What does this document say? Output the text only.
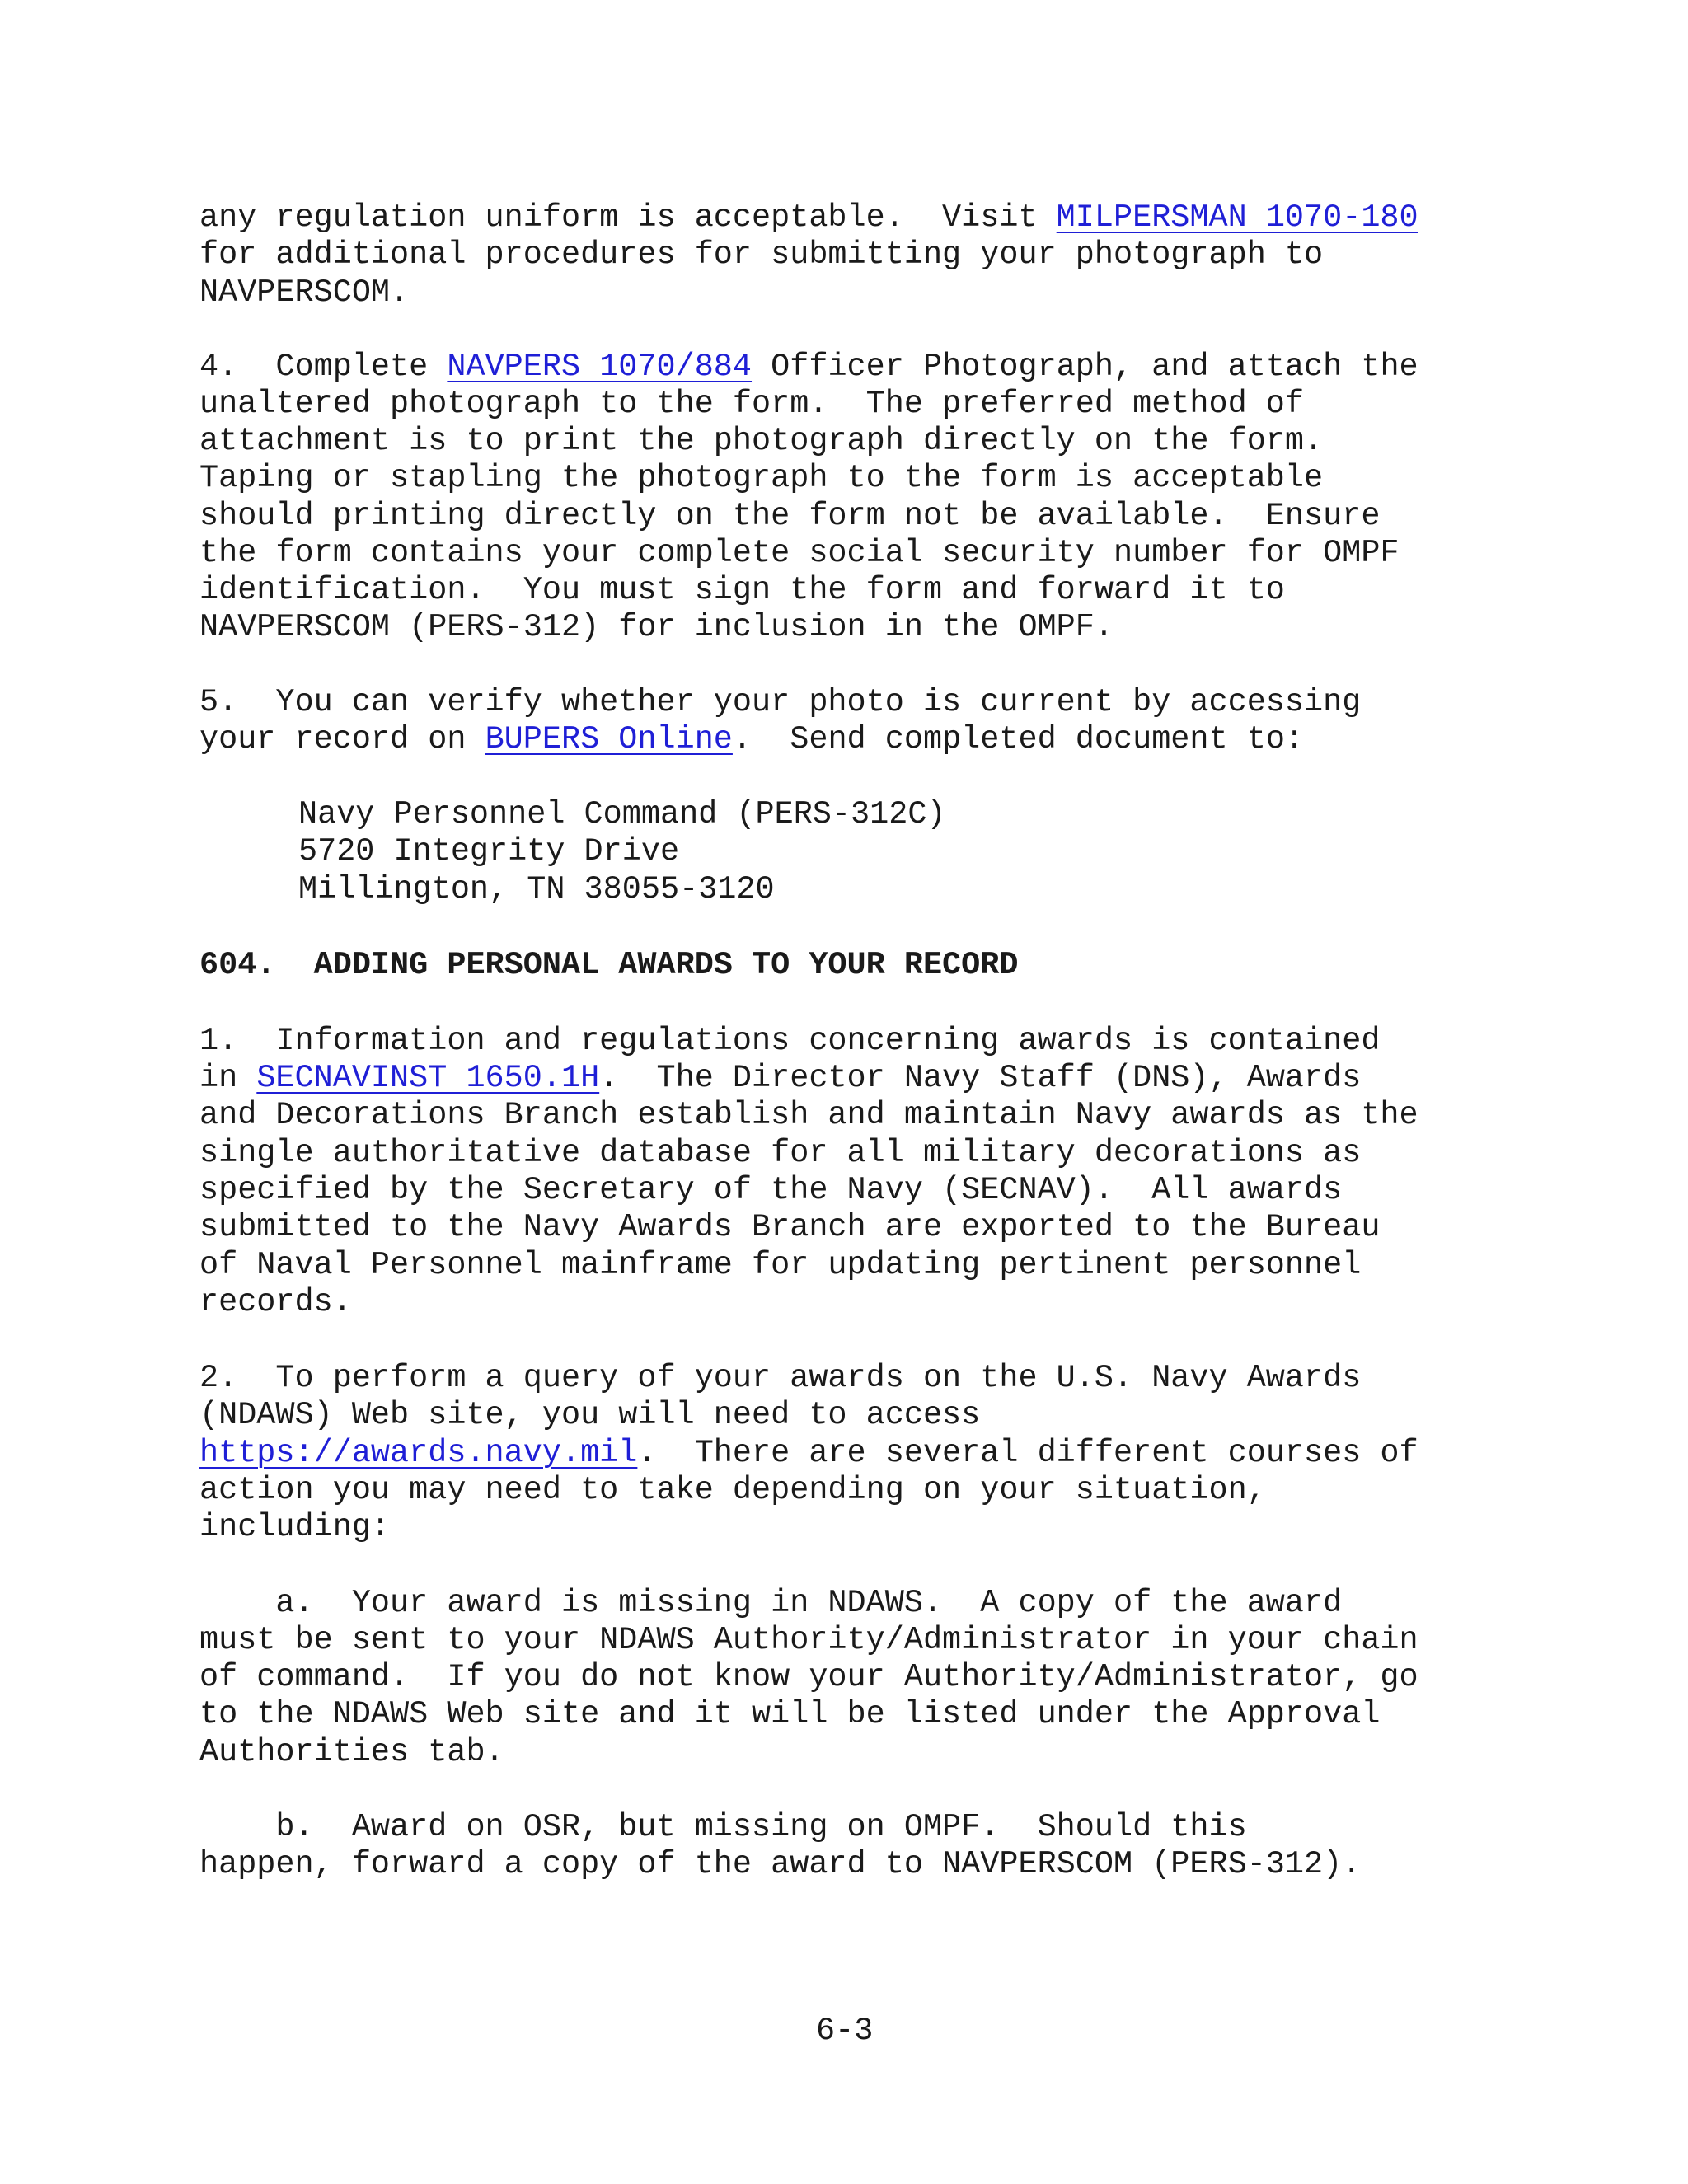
any regulation uniform is acceptable.  Visit MILPERSMAN 1070-180
for additional procedures for submitting your photograph to
NAVPERSCOM.
4.  Complete NAVPERS 1070/884 Officer Photograph, and attach the
unaltered photograph to the form.  The preferred method of
attachment is to print the photograph directly on the form.
Taping or stapling the photograph to the form is acceptable
should printing directly on the form not be available.  Ensure
the form contains your complete social security number for OMPF
identification.  You must sign the form and forward it to
NAVPERSCOM (PERS-312) for inclusion in the OMPF.
5.  You can verify whether your photo is current by accessing
your record on BUPERS Online.  Send completed document to:
Navy Personnel Command (PERS-312C)
5720 Integrity Drive
Millington, TN 38055-3120
604.  ADDING PERSONAL AWARDS TO YOUR RECORD
1.  Information and regulations concerning awards is contained
in SECNAVINST 1650.1H.  The Director Navy Staff (DNS), Awards
and Decorations Branch establish and maintain Navy awards as the
single authoritative database for all military decorations as
specified by the Secretary of the Navy (SECNAV).  All awards
submitted to the Navy Awards Branch are exported to the Bureau
of Naval Personnel mainframe for updating pertinent personnel
records.
2.  To perform a query of your awards on the U.S. Navy Awards
(NDAWS) Web site, you will need to access
https://awards.navy.mil.  There are several different courses of
action you may need to take depending on your situation,
including:
a.  Your award is missing in NDAWS.  A copy of the award
must be sent to your NDAWS Authority/Administrator in your chain
of command.  If you do not know your Authority/Administrator, go
to the NDAWS Web site and it will be listed under the Approval
Authorities tab.
b.  Award on OSR, but missing on OMPF.  Should this
happen, forward a copy of the award to NAVPERSCOM (PERS-312).
6-3
